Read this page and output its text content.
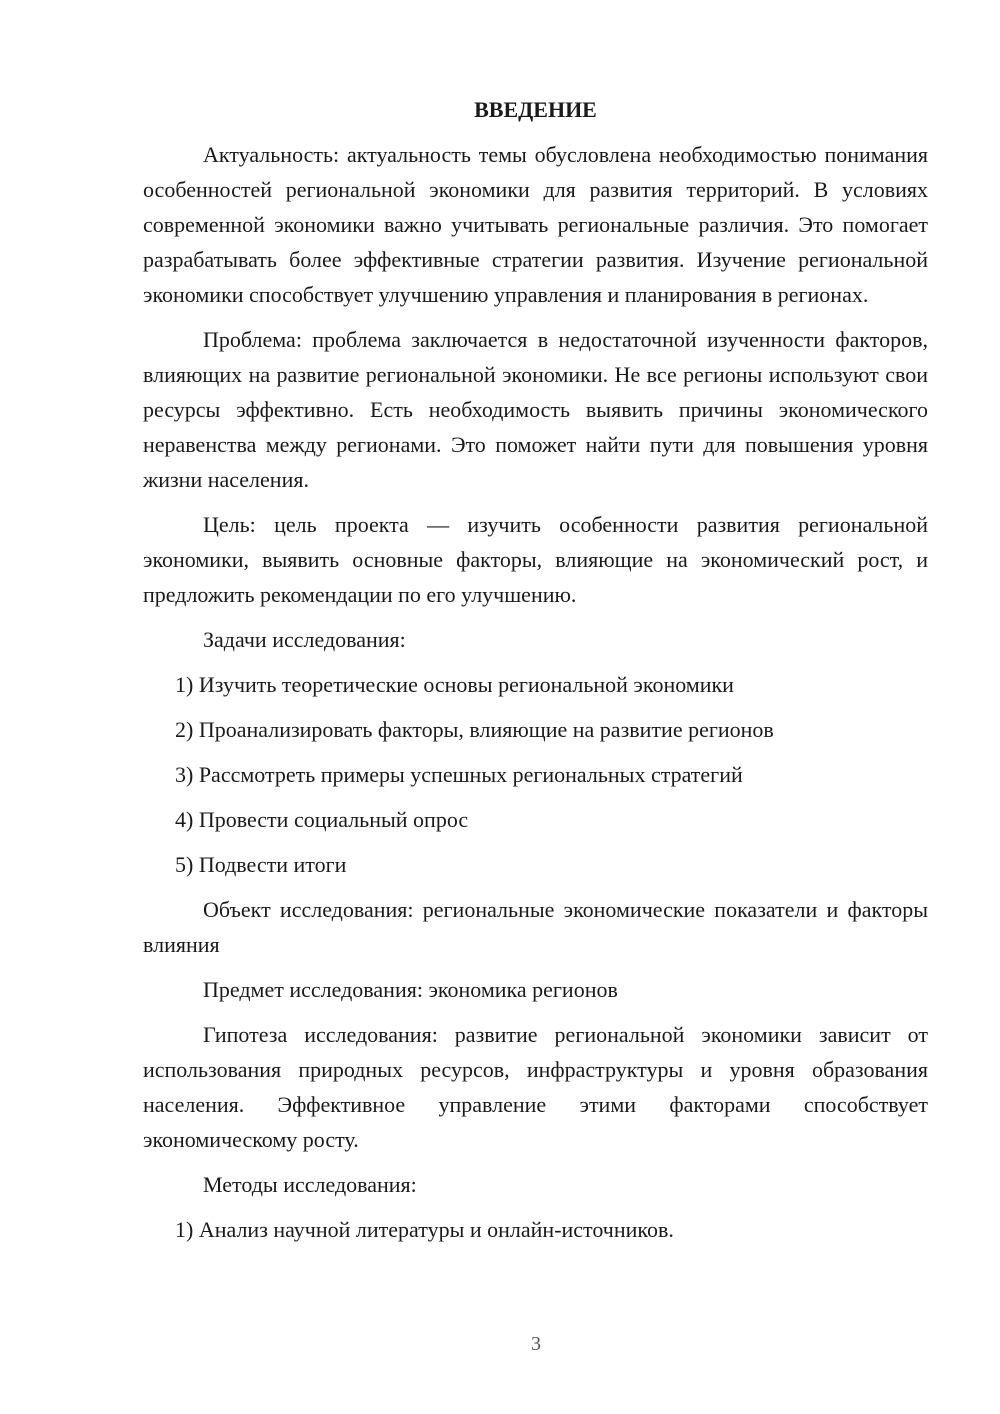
ВВЕДЕНИЕ
Актуальность: актуальность темы обусловлена необходимостью понимания особенностей региональной экономики для развития территорий. В условиях современной экономики важно учитывать региональные различия. Это помогает разрабатывать более эффективные стратегии развития. Изучение региональной экономики способствует улучшению управления и планирования в регионах.
Проблема: проблема заключается в недостаточной изученности факторов, влияющих на развитие региональной экономики. Не все регионы используют свои ресурсы эффективно. Есть необходимость выявить причины экономического неравенства между регионами. Это поможет найти пути для повышения уровня жизни населения.
Цель: цель проекта — изучить особенности развития региональной экономики, выявить основные факторы, влияющие на экономический рост, и предложить рекомендации по его улучшению.
Задачи исследования:
1) Изучить теоретические основы региональной экономики
2) Проанализировать факторы, влияющие на развитие регионов
3) Рассмотреть примеры успешных региональных стратегий
4) Провести социальный опрос
5) Подвести итоги
Объект исследования: региональные экономические показатели и факторы влияния
Предмет исследования: экономика регионов
Гипотеза исследования: развитие региональной экономики зависит от использования природных ресурсов, инфраструктуры и уровня образования населения. Эффективное управление этими факторами способствует экономическому росту.
Методы исследования:
1) Анализ научной литературы и онлайн-источников.
3
